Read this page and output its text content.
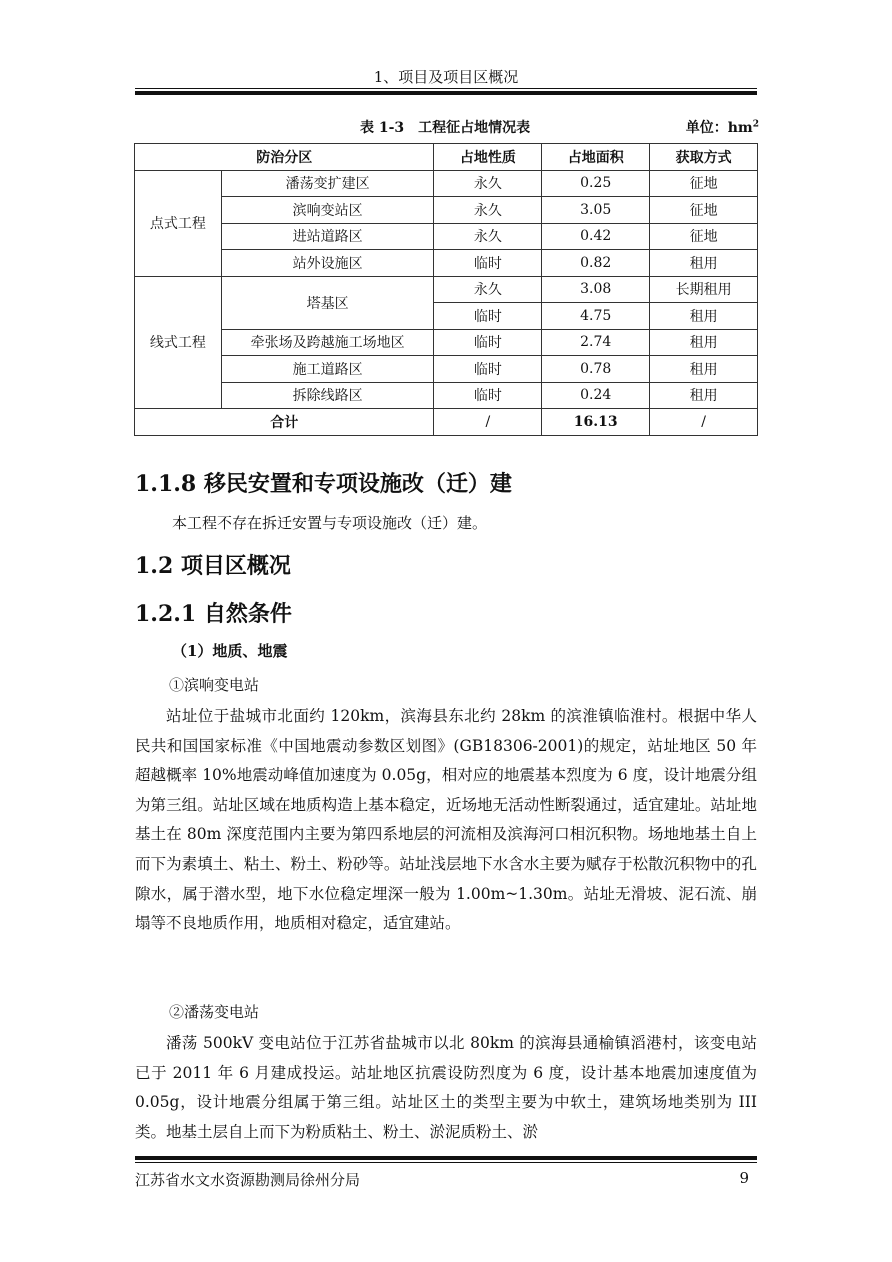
1、项目及项目区概况
表 1-3　工程征占地情况表	单位：$hm^2$
防治分区		占地性质	占地面积	获取方式
点式工程	潘荡变扩建区	永久	0.25	征地
	滨响变站区	永久	3.05	征地
	进站道路区	永久	0.42	征地
	站外设施区	临时	0.82	租用
线式工程	塔基区	永久	3.08	长期租用
		临时	4.75	租用
	牵张场及跨越施工场地区	临时	2.74	租用
	施工道路区	临时	0.78	租用
	拆除线路区	临时	0.24	租用
合计		/	16.13	/
1.1.8 移民安置和专项设施改（迁）建

本工程不存在拆迁安置与专项设施改（迁）建。

1.2 项目区概况
1.2.1 自然条件
（1）地质、地震

①滨响变电站

站址位于盐城市北面约 120km，滨海县东北约 28km 的滨淮镇临淮村。根据中华人民共和国国家标准《中国地震动参数区划图》(GB18306-2001)的规定，站址地区 50 年超越概率 10%地震动峰值加速度为 0.05g，相对应的地震基本烈度为 6 度，设计地震分组为第三组。站址区域在地质构造上基本稳定，近场地无活动性断裂通过，适宜建址。站址地基土在 80m 深度范围内主要为第四系地层的河流相及滨海河口相沉积物。场地地基土自上而下为素填土、粘土、粉土、粉砂等。站址浅层地下水含水主要为赋存于松散沉积物中的孔隙水，属于潜水型，地下水位稳定埋深一般为 1.00m~1.30m。站址无滑坡、泥石流、崩塌等不良地质作用，地质相对稳定，适宜建站。

②潘荡变电站

潘荡 500kV 变电站位于江苏省盐城市以北 80km 的滨海县通榆镇滔港村，该变电站已于 2011 年 6 月建成投运。站址地区抗震设防烈度为 6 度，设计基本地震加速度值为 0.05g，设计地震分组属于第三组。站址区土的类型主要为中软土，建筑场地类别为 III 类。地基土层自上而下为粉质粘土、粉土、淤泥质粉土、淤

江苏省水文水资源勘测局徐州分局	9
